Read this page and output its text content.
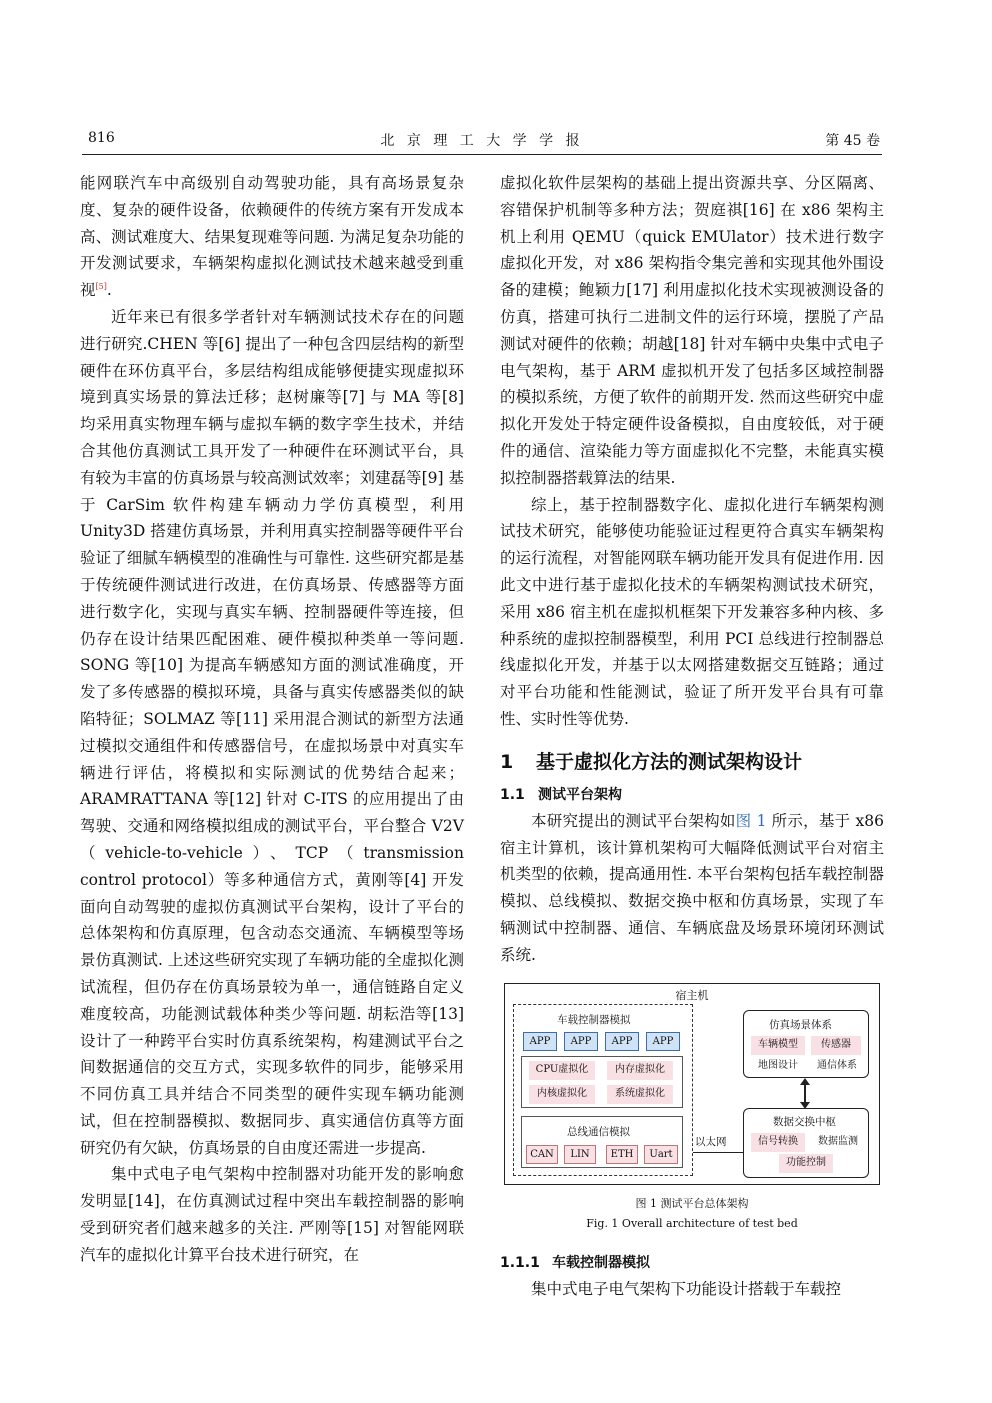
816	北 京 理 工 大 学 学 报	第 45 卷

能网联汽车中高级别自动驾驶功能，具有高场景复杂度、复杂的硬件设备，依赖硬件的传统方案有开发成本高、测试难度大、结果复现难等问题. 为满足复杂功能的开发测试要求，车辆架构虚拟化测试技术越来越受到重视[5].

近年来已有很多学者针对车辆测试技术存在的问题进行研究.CHEN 等[6] 提出了一种包含四层结构的新型硬件在环仿真平台，多层结构组成能够便捷实现虚拟环境到真实场景的算法迁移；赵树廉等[7] 与 MA 等[8] 均采用真实物理车辆与虚拟车辆的数字孪生技术，并结合其他仿真测试工具开发了一种硬件在环测试平台，具有较为丰富的仿真场景与较高测试效率；刘建磊等[9] 基于 CarSim 软件构建车辆动力学仿真模型，利用 Unity3D 搭建仿真场景，并利用真实控制器等硬件平台验证了细腻车辆模型的准确性与可靠性. 这些研究都是基于传统硬件测试进行改进，在仿真场景、传感器等方面进行数字化，实现与真实车辆、控制器硬件等连接，但仍存在设计结果匹配困难、硬件模拟种类单一等问题. SONG 等[10] 为提高车辆感知方面的测试准确度，开发了多传感器的模拟环境，具备与真实传感器类似的缺陷特征；SOLMAZ 等[11] 采用混合测试的新型方法通过模拟交通组件和传感器信号，在虚拟场景中对真实车辆进行评估，将模拟和实际测试的优势结合起来；ARAMRATTANA 等[12] 针对 C-ITS 的应用提出了由驾驶、交通和网络模拟组成的测试平台，平台整合 V2V（vehicle-to-vehicle）、TCP（transmission control protocol）等多种通信方式，黄刚等[4] 开发面向自动驾驶的虚拟仿真测试平台架构，设计了平台的总体架构和仿真原理，包含动态交通流、车辆模型等场景仿真测试. 上述这些研究实现了车辆功能的全虚拟化测试流程，但仍存在仿真场景较为单一，通信链路自定义难度较高，功能测试载体种类少等问题. 胡耘浩等[13] 设计了一种跨平台实时仿真系统架构，构建测试平台之间数据通信的交互方式，实现多软件的同步，能够采用不同仿真工具并结合不同类型的硬件实现车辆功能测试，但在控制器模拟、数据同步、真实通信仿真等方面研究仍有欠缺，仿真场景的自由度还需进一步提高.

集中式电子电气架构中控制器对功能开发的影响愈发明显[14]，在仿真测试过程中突出车载控制器的影响受到研究者们越来越多的关注. 严刚等[15] 对智能网联汽车的虚拟化计算平台技术进行研究，在

虚拟化软件层架构的基础上提出资源共享、分区隔离、容错保护机制等多种方法；贺庭祺[16] 在 x86 架构主机上利用 QEMU（quick EMUlator）技术进行数字虚拟化开发，对 x86 架构指令集完善和实现其他外围设备的建模；鲍颖力[17] 利用虚拟化技术实现被测设备的仿真，搭建可执行二进制文件的运行环境，摆脱了产品测试对硬件的依赖；胡越[18] 针对车辆中央集中式电子电气架构，基于 ARM 虚拟机开发了包括多区域控制器的模拟系统，方便了软件的前期开发. 然而这些研究中虚拟化开发处于特定硬件设备模拟，自由度较低，对于硬件的通信、渲染能力等方面虚拟化不完整，未能真实模拟控制器搭载算法的结果.

综上，基于控制器数字化、虚拟化进行车辆架构测试技术研究，能够使功能验证过程更符合真实车辆架构的运行流程，对智能网联车辆功能开发具有促进作用. 因此文中进行基于虚拟化技术的车辆架构测试技术研究，采用 x86 宿主机在虚拟机框架下开发兼容多种内核、多种系统的虚拟控制器模型，利用 PCI 总线进行控制器总线虚拟化开发，并基于以太网搭建数据交互链路；通过对平台功能和性能测试，验证了所开发平台具有可靠性、实时性等优势.

1 基于虚拟化方法的测试架构设计
1.1 测试平台架构

本研究提出的测试平台架构如图 1 所示，基于 x86 宿主计算机，该计算机架构可大幅降低测试平台对宿主机类型的依赖，提高通用性. 本平台架构包括车载控制器模拟、总线模拟、数据交换中枢和仿真场景，实现了车辆测试中控制器、通信、车辆底盘及场景环境闭环测试系统.

宿主机
车载控制器模拟
APP	APP	APP	APP
CPU虚拟化	内存虚拟化
内核虚拟化	系统虚拟化
总线通信模拟
CAN	LIN	ETH	Uart
以太网
仿真场景体系
车辆模型	传感器
地图设计	通信体系
数据交换中枢
信号转换	数据监测
功能控制

图 1 测试平台总体架构

Fig. 1 Overall architecture of test bed

1.1.1 车载控制器模拟

集中式电子电气架构下功能设计搭载于车载控
